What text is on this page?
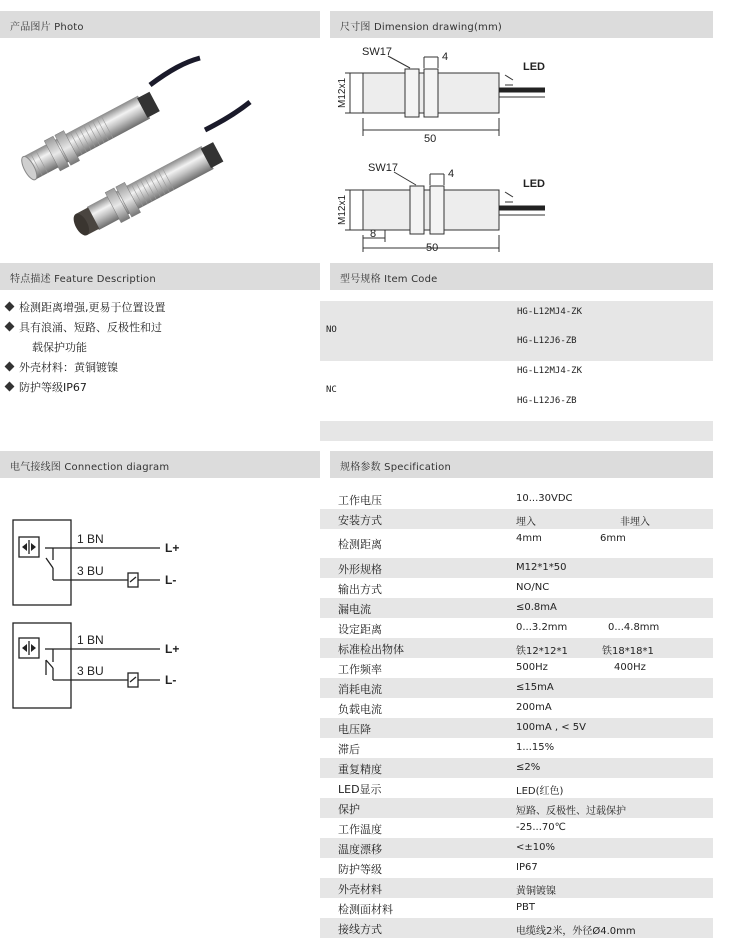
产品图片 Photo	尺寸图 Dimension drawing(mm)
特点描述 Feature Description	型号规格 Item Code
电气接线图 Connection diagram	规格参数 Specification
SW17	4
M12x1
50
LED
SW17	4
M12x1
8
50
LED
检测距离增强,更易于位置设置
具有浪涌、短路、反极性和过
载保护功能
外壳材料：黄铜镀镍
防护等级IP67
NO
HG-L12MJ4-ZK
HG-L12J6-ZB
NC
HG-L12MJ4-ZK
HG-L12J6-ZB
1 BN
3 BU
L+
L-
1 BN
3 BU
L+
L-
工作电压	10...30VDC
安装方式	埋入	非埋入
检测距离	4mm	6mm
外形规格	M12*1*50
输出方式	NO/NC
漏电流	≤0.8mA
设定距离	0...3.2mm	0...4.8mm
标准检出物体	铁12*12*1	铁18*18*1
工作频率	500Hz	400Hz
消耗电流	≤15mA
负载电流	200mA
电压降	100mA , < 5V
滞后	1...15%
重复精度	≤2%
LED显示	LED(红色)
保护	短路、反极性、过载保护
工作温度	-25...70℃
温度漂移	<±10%
防护等级	IP67
外壳材料	黄铜镀镍
检测面材料	PBT
接线方式	电缆线2米，外径Ø4.0mm
